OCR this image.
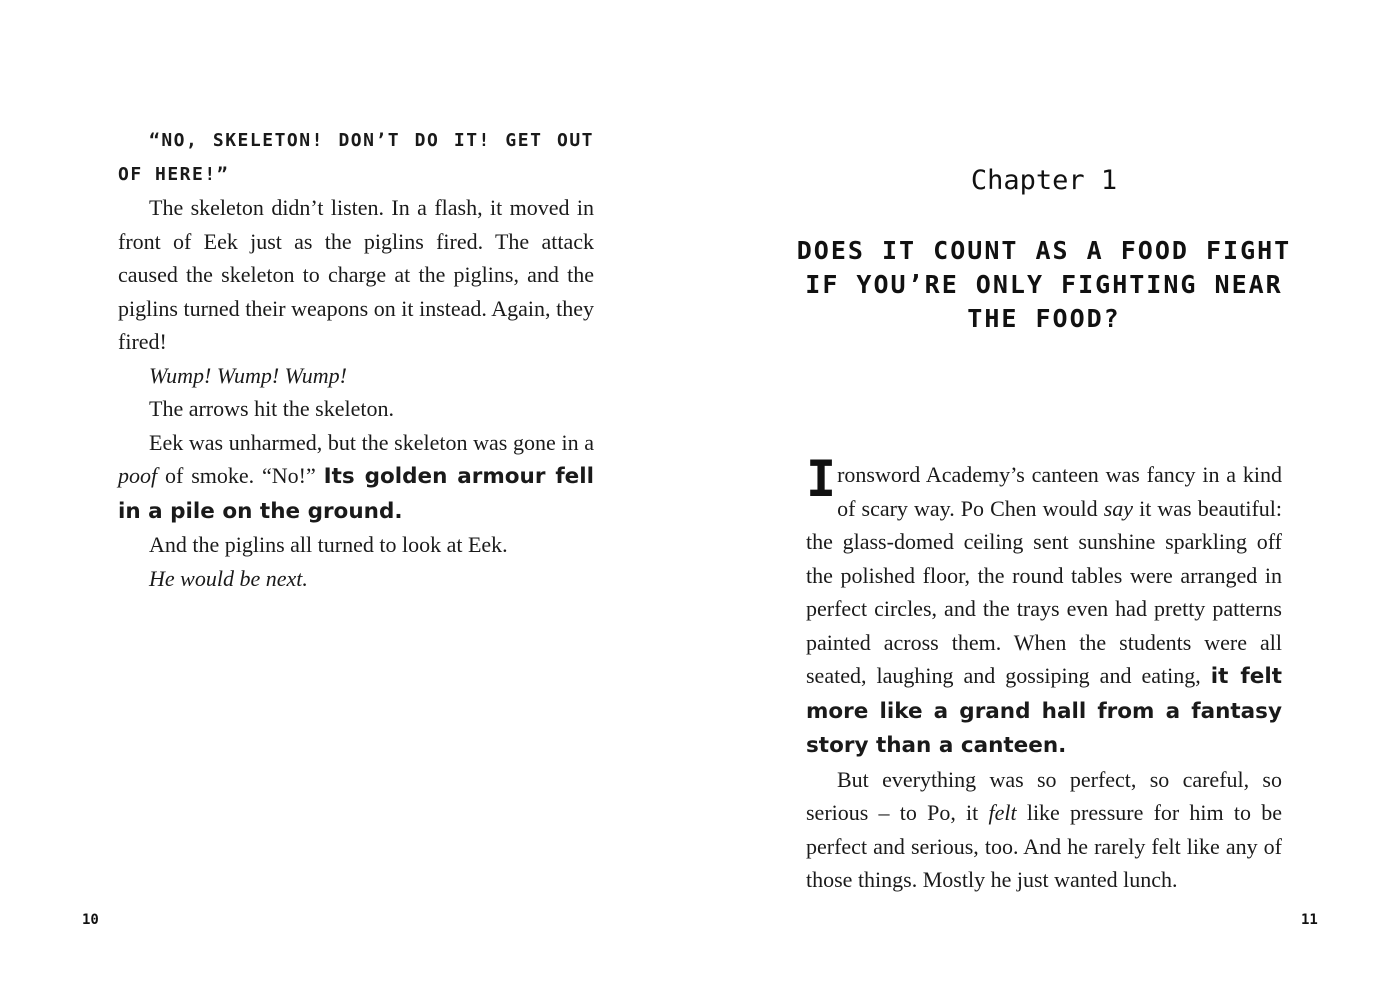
“NO, SKELETON! DON’T DO IT! GET OUT OF HERE!”

The skeleton didn’t listen. In a flash, it moved in front of Eek just as the piglins fired. The attack caused the skeleton to charge at the piglins, and the piglins turned their weapons on it instead. Again, they fired!

Wump! Wump! Wump!

The arrows hit the skeleton.

Eek was unharmed, but the skeleton was gone in a poof of smoke. “No!” Its golden armour fell in a pile on the ground.

And the piglins all turned to look at Eek.

He would be next.

10
Chapter 1
DOES IT COUNT AS A FOOD FIGHT IF YOU’RE ONLY FIGHTING NEAR THE FOOD?

Ironsword Academy’s canteen was fancy in a kind of scary way. Po Chen would say it was beautiful: the glass-domed ceiling sent sunshine sparkling off the polished floor, the round tables were arranged in perfect circles, and the trays even had pretty patterns painted across them. When the students were all seated, laughing and gossiping and eating, it felt more like a grand hall from a fantasy story than a canteen.

But everything was so perfect, so careful, so serious – to Po, it felt like pressure for him to be perfect and serious, too. And he rarely felt like any of those things. Mostly he just wanted lunch.

11
